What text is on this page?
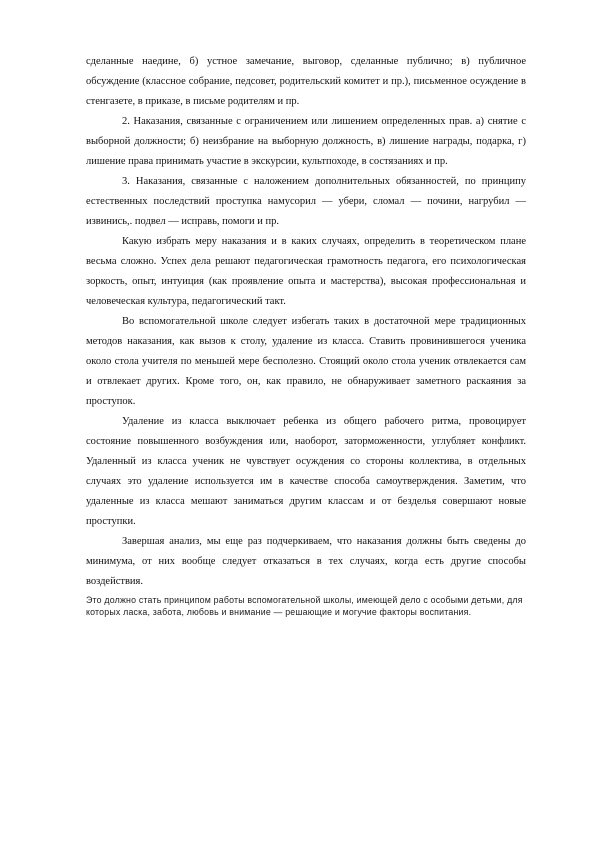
сделанные наедине, б) устное замечание, выговор, сделанные публично; в) публичное обсуждение (классное собрание, педсовет, родительский комитет и пр.), письменное осуждение в стенгазете, в приказе, в письме родителям и пр.

2. Наказания, связанные с ограничением или лишением определенных прав. а) снятие с выборной должности; б) неизбрание на выборную должность, в) лишение награды, подарка, г) лишение права принимать участие в экскурсии, культпоходе, в состязаниях и пр.

3. Наказания, связанные с наложением дополнительных обязанностей, по принципу естественных последствий проступка намусорил — убери, сломал — почини, нагрубил — извинись,. подвел — исправь, помоги и пр.

Какую избрать меру наказания и в каких случаях, определить в теоретическом плане весьма сложно. Успех дела решают педагогическая грамотность педагога, его психологическая зоркость, опыт, интуиция (как проявление опыта и мастерства), высокая профессиональная и человеческая культура, педагогический такт.

Во вспомогательной школе следует избегать таких в достаточной мере традиционных методов наказания, как вызов к столу, удаление из класса. Ставить провинившегося ученика около стола учителя по меньшей мере бесполезно. Стоящий около стола ученик отвлекается сам и отвлекает других. Кроме того, он, как правило, не обнаруживает заметного раскаяния за проступок.

Удаление из класса выключает ребенка из общего рабочего ритма, провоцирует состояние повышенного возбуждения или, наоборот, заторможенности, углубляет конфликт. Удаленный из класса ученик не чувствует осуждения со стороны коллектива, в отдельных случаях это удаление используется им в качестве способа самоутверждения. Заметим, что удаленные из класса мешают заниматься другим классам и от безделья совершают новые проступки.

Завершая анализ, мы еще раз подчеркиваем, что наказания должны быть сведены до минимума, от них вообще следует отказаться в тех случаях, когда есть другие способы воздействия.

Это должно стать принципом работы вспомогательной школы, имеющей дело с особыми детьми, для которых ласка, забота, любовь и внимание — решающие и могучие факторы воспитания.
